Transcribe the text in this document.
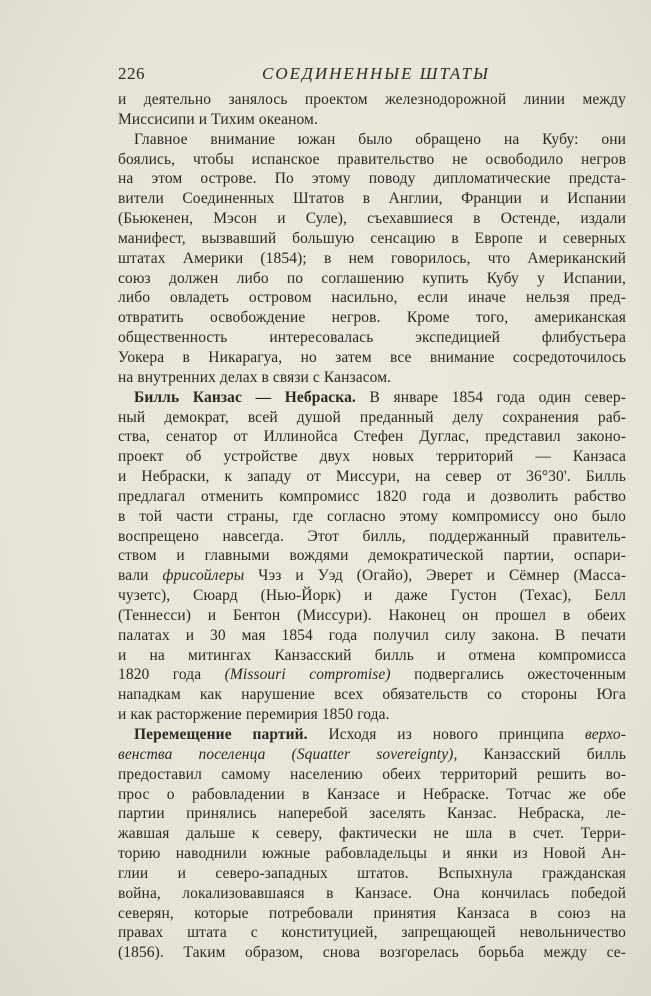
226	СОЕДИНЕННЫЕ ШТАТЫ
и деятельно занялось проектом железнодорожной линии между
Миссисипи и Тихим океаном.
Главное внимание южан было обращено на Кубу: они
боялись, чтобы испанское правительство не освободило негров
на этом острове. По этому поводу дипломатические предста-
вители Соединенных Штатов в Англии, Франции и Испании
(Бьюкенен, Мэсон и Суле), съехавшиеся в Остенде, издали
манифест, вызвавший большую сенсацию в Европе и северных
штатах Америки (1854); в нем говорилось, что Американский
союз должен либо по соглашению купить Кубу у Испании,
либо овладеть островом насильно, если иначе нельзя пред-
отвратить освобождение негров. Кроме того, американская
общественность интересовалась экспедицией флибустьера
Уокера в Никарагуа, но затем все внимание сосредоточилось
на внутренних делах в связи с Канзасом.
Билль Канзас — Небраска. В январе 1854 года один север-
ный демократ, всей душой преданный делу сохранения раб-
ства, сенатор от Иллинойса Стефен Дуглас, представил законо-
проект об устройстве двух новых территорий — Канзаса
и Небраски, к западу от Миссури, на север от 36°30'. Билль
предлагал отменить компромисс 1820 года и дозволить рабство
в той части страны, где согласно этому компромиссу оно было
воспрещено навсегда. Этот билль, поддержанный правитель-
ством и главными вождями демократической партии, оспари-
вали фрисойлеры Чэз и Уэд (Огайо), Эверет и Сёмнер (Масса-
чузетс), Сюард (Нью-Йорк) и даже Густон (Техас), Белл
(Теннесси) и Бентон (Миссури). Наконец он прошел в обеих
палатах и 30 мая 1854 года получил силу закона. В печати
и на митингах Канзасский билль и отмена компромисса
1820 года (Missouri compromise) подвергались ожесточенным
нападкам как нарушение всех обязательств со стороны Юга
и как расторжение перемирия 1850 года.
Перемещение партий. Исходя из нового принципа верхо-
венства поселенца (Squatter sovereignty), Канзасский билль
предоставил самому населению обеих территорий решить во-
прос о рабовладении в Канзасе и Небраске. Тотчас же обе
партии принялись наперебой заселять Канзас. Небраска, ле-
жавшая дальше к северу, фактически не шла в счет. Терри-
торию наводнили южные рабовладельцы и янки из Новой Ан-
глии и северо-западных штатов. Вспыхнула гражданская
война, локализовавшаяся в Канзасе. Она кончилась победой
северян, которые потребовали принятия Канзаса в союз на
правах штата с конституцией, запрещающей невольничество
(1856). Таким образом, снова возгорелась борьба между се-
